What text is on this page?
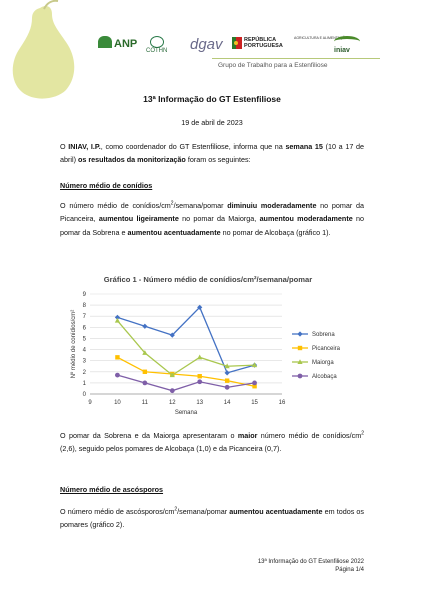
ANP
COTHN dgav	REPÚBLICA
PORTUGUESA
AGRICULTURA E ALIMENTAÇÃO
iniav
Grupo de Trabalho para a Estenfiliose
13ª Informação do GT Estenfiliose
19 de abril de 2023
O INIAV, I.P., como coordenador do GT Estenfiliose, informa que na semana 15 (10 a 17 de abril) os resultados da monitorização foram os seguintes:
Número médio de conídios
O número médio de conídios/$cm^2/semana$/pomar diminuiu moderadamente no pomar da Picanceira, aumentou ligeiramente no pomar da Maiorga, aumentou moderadamente no pomar da Sobrena e aumentou acentuadamente no pomar de Alcobaça (gráfico 1).
Gráfico 1 - Número médio de conídios/cm²/semana/pomar
0
1
2
3
4
5
6
7
8
9
9	10	11	12	13	14	15	16
Semana
Nº médio de conídios/cm²	Sobrena
Picanceira
Maiorga
Alcobaça
O pomar da Sobrena e da Maiorga apresentaram o maior número médio de conídios/$cm^2$ (2,6), seguido pelos pomares de Alcobaça (1,0) e da Picanceira (0,7).
Número médio de ascósporos
O número médio de ascósporos/$cm^2/semana$/pomar aumentou acentuadamente em todos os pomares (gráfico 2).
13ª Informação do GT Estenfiliose 2022
Página 1/4
